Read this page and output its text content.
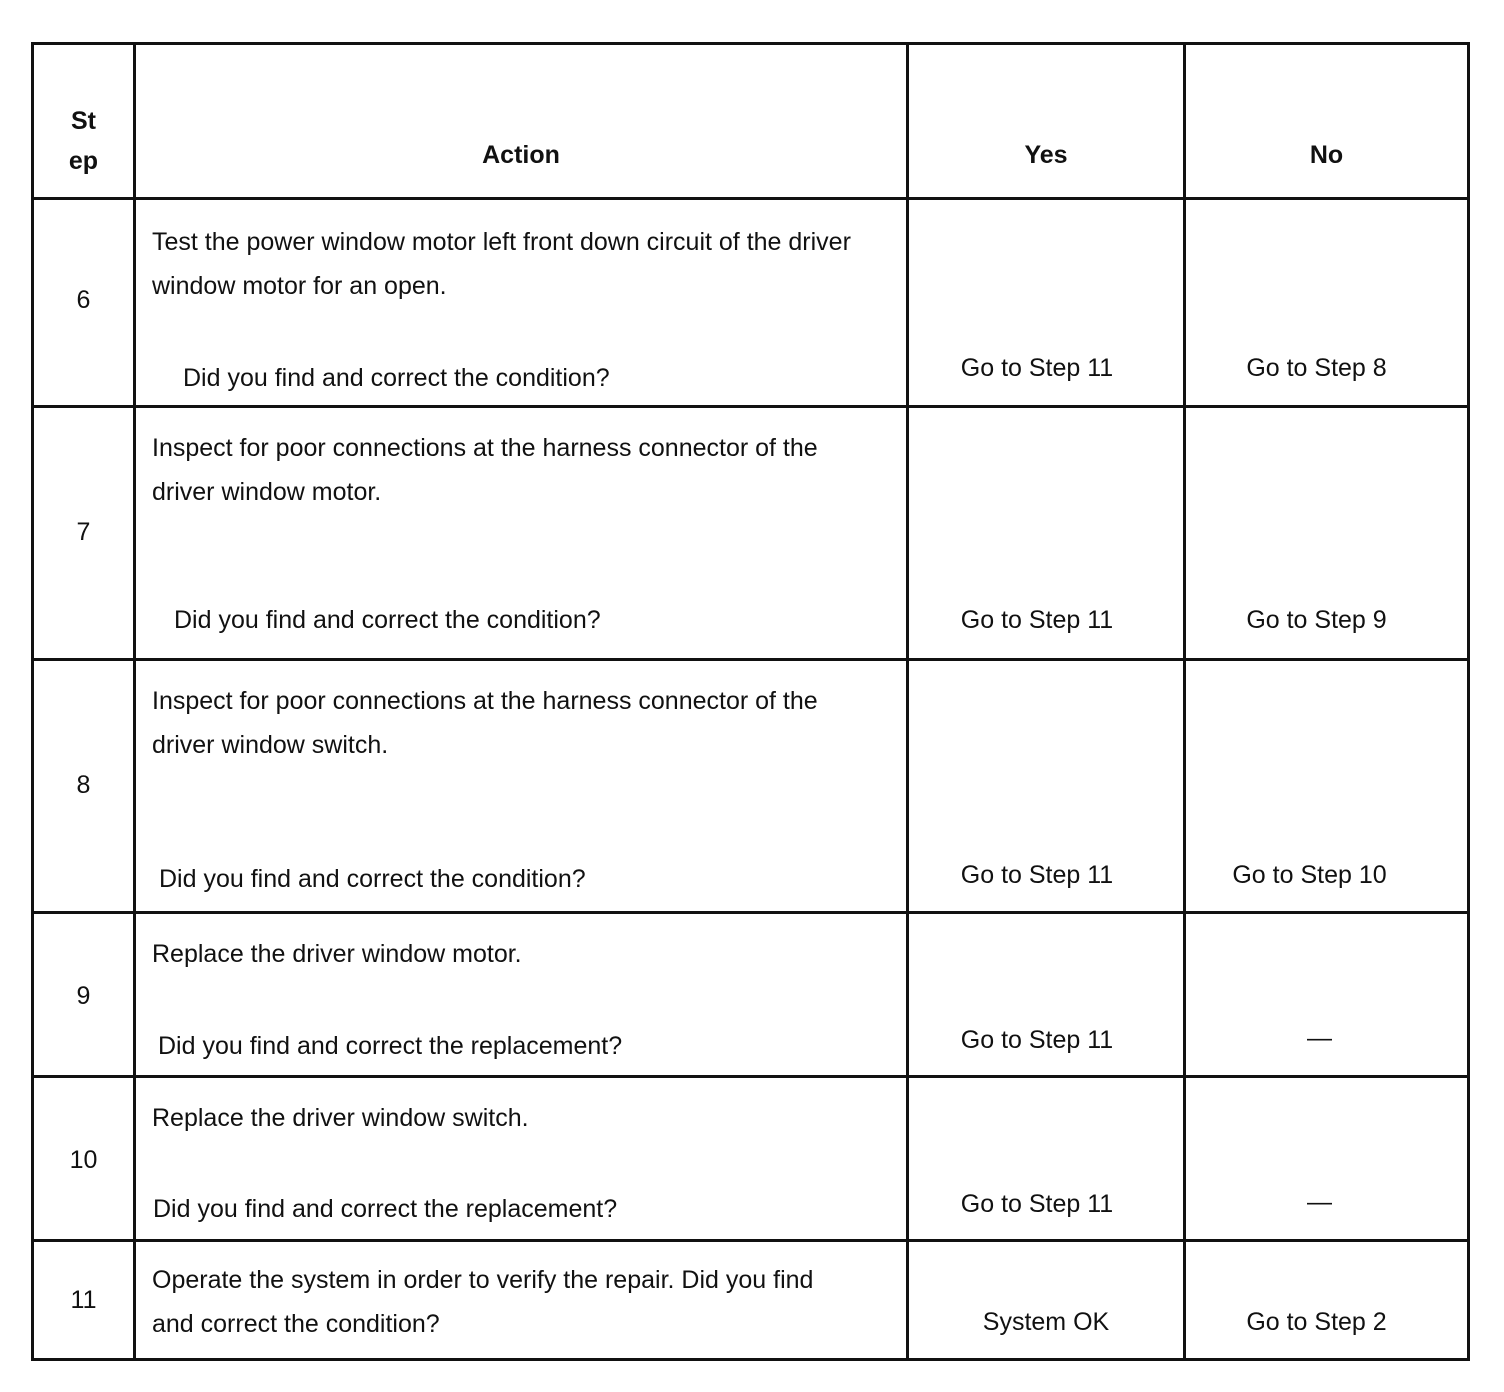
St
ep	Action	Yes	No

6	Test the power window motor left front down circuit of the driver window motor for an open.
Did you find and correct the condition?	Go to Step 11	Go to Step 8

7	Inspect for poor connections at the harness connector of the driver window motor.
Did you find and correct the condition?	Go to Step 11	Go to Step 9

8	Inspect for poor connections at the harness connector of the driver window switch.
Did you find and correct the condition?	Go to Step 11	Go to Step 10

9	Replace the driver window motor.
Did you find and correct the replacement?	Go to Step 11	—

10	Replace the driver window switch.
Did you find and correct the replacement?	Go to Step 11	—

11	Operate the system in order to verify the repair. Did you find and correct the condition?	System OK	Go to Step 2
